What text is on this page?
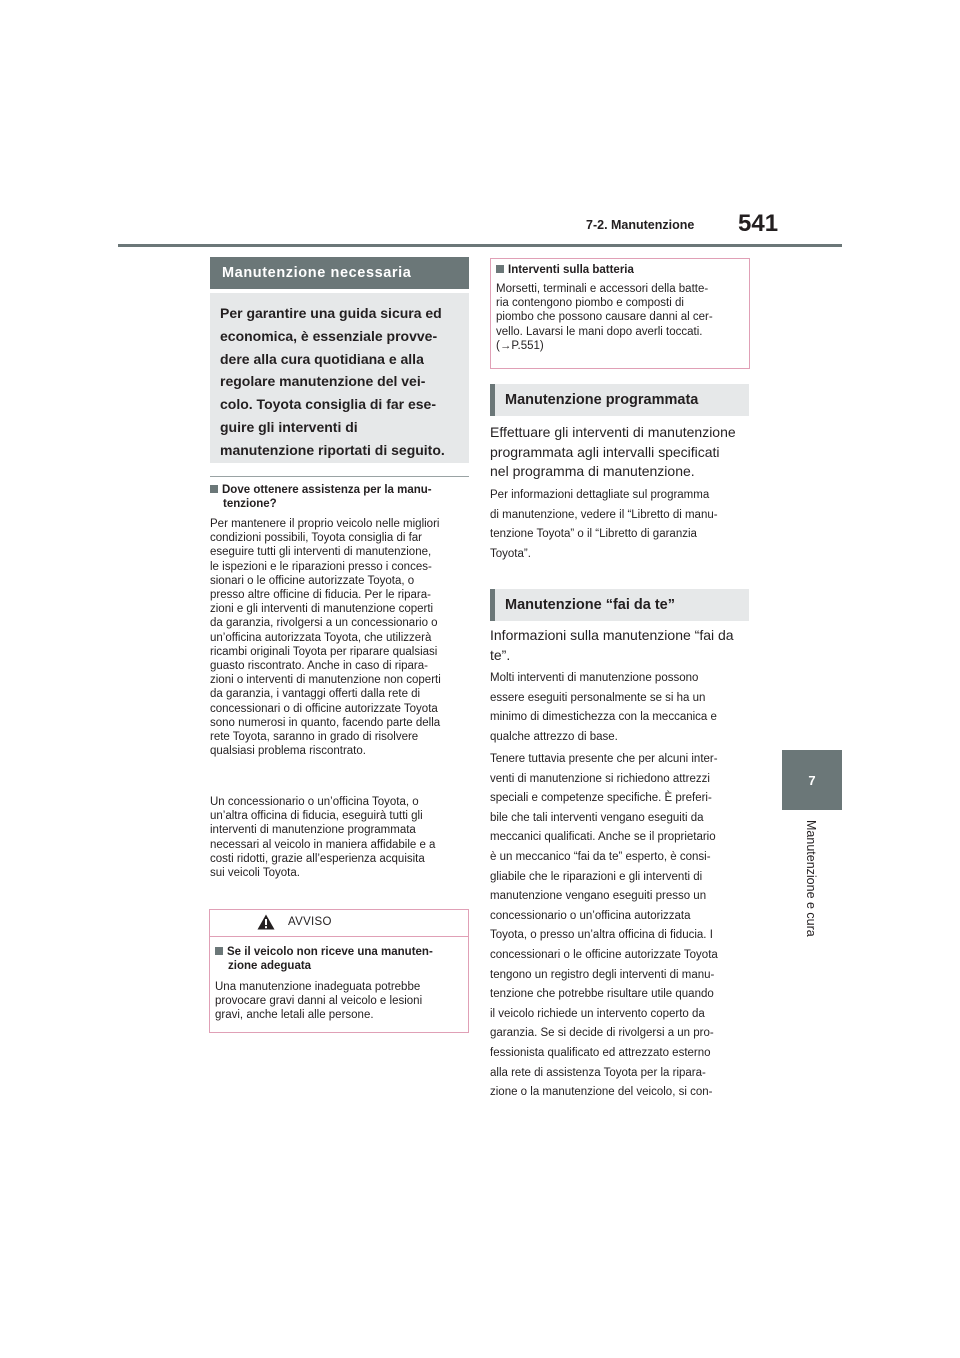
7-2. Manutenzione 541
7
Manutenzione e cura
Manutenzione necessaria
Per garantire una guida sicura ed
economica, è essenziale provve-
dere alla cura quotidiana e alla
regolare manutenzione del vei-
colo. Toyota consiglia di far ese-
guire gli interventi di
manutenzione riportati di seguito.
Dove ottenere assistenza per la manu-
tenzione?
Per mantenere il proprio veicolo nelle migliori
condizioni possibili, Toyota consiglia di far
eseguire tutti gli interventi di manutenzione,
le ispezioni e le riparazioni presso i conces-
sionari o le officine autorizzate Toyota, o
presso altre officine di fiducia. Per le ripara-
zioni e gli interventi di manutenzione coperti
da garanzia, rivolgersi a un concessionario o
un’officina autorizzata Toyota, che utilizzerà
ricambi originali Toyota per riparare qualsiasi
guasto riscontrato. Anche in caso di ripara-
zioni o interventi di manutenzione non coperti
da garanzia, i vantaggi offerti dalla rete di
concessionari o di officine autorizzate Toyota
sono numerosi in quanto, facendo parte della
rete Toyota, saranno in grado di risolvere
qualsiasi problema riscontrato.
Un concessionario o un’officina Toyota, o
un’altra officina di fiducia, eseguirà tutti gli
interventi di manutenzione programmata
necessari al veicolo in maniera affidabile e a
costi ridotti, grazie all’esperienza acquisita
sui veicoli Toyota.
AVVISO
Se il veicolo non riceve una manuten-
zione adeguata
Una manutenzione inadeguata potrebbe
provocare gravi danni al veicolo e lesioni
gravi, anche letali alle persone.
Interventi sulla batteria
Morsetti, terminali e accessori della batte-
ria contengono piombo e composti di
piombo che possono causare danni al cer-
vello. Lavarsi le mani dopo averli toccati.
(→P.551)
Manutenzione programmata
Effettuare gli interventi di manutenzione
programmata agli intervalli specificati
nel programma di manutenzione.
Per informazioni dettagliate sul programma
di manutenzione, vedere il “Libretto di manu-
tenzione Toyota” o il “Libretto di garanzia
Toyota”.
Manutenzione “fai da te”
Informazioni sulla manutenzione “fai da
te”.
Molti interventi di manutenzione possono
essere eseguiti personalmente se si ha un
minimo di dimestichezza con la meccanica e
qualche attrezzo di base.
Tenere tuttavia presente che per alcuni inter-
venti di manutenzione si richiedono attrezzi
speciali e competenze specifiche. È preferi-
bile che tali interventi vengano eseguiti da
meccanici qualificati. Anche se il proprietario
è un meccanico “fai da te” esperto, è consi-
gliabile che le riparazioni e gli interventi di
manutenzione vengano eseguiti presso un
concessionario o un’officina autorizzata
Toyota, o presso un’altra officina di fiducia. I
concessionari o le officine autorizzate Toyota
tengono un registro degli interventi di manu-
tenzione che potrebbe risultare utile quando
il veicolo richiede un intervento coperto da
garanzia. Se si decide di rivolgersi a un pro-
fessionista qualificato ed attrezzato esterno
alla rete di assistenza Toyota per la ripara-
zione o la manutenzione del veicolo, si con-
